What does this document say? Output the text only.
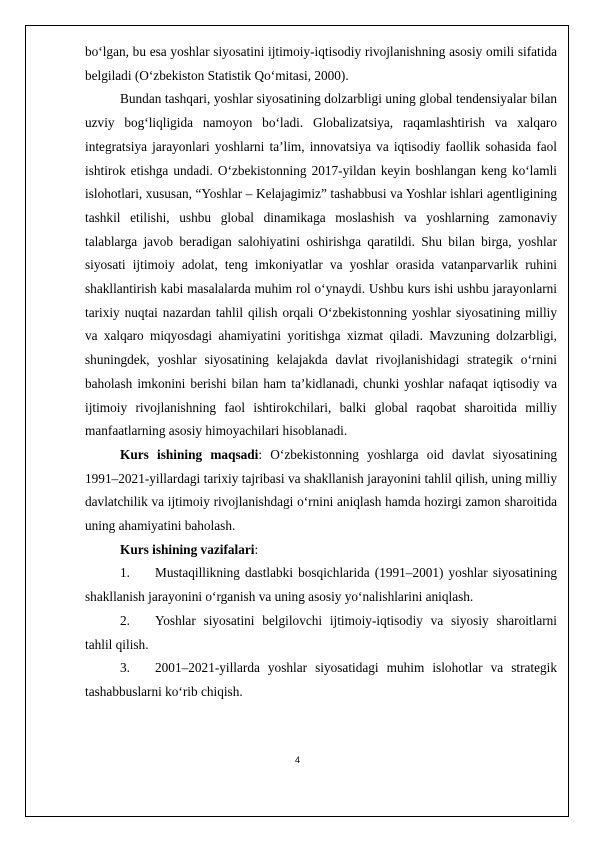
bo‘lgan, bu esa yoshlar siyosatini ijtimoiy-iqtisodiy rivojlanishning asosiy omili sifatida belgiladi (O‘zbekiston Statistik Qo‘mitasi, 2000).

Bundan tashqari, yoshlar siyosatining dolzarbligi uning global tendensiyalar bilan uzviy bog‘liqligida namoyon bo‘ladi. Globalizatsiya, raqamlashtirish va xalqaro integratsiya jarayonlari yoshlarni ta’lim, innovatsiya va iqtisodiy faollik sohasida faol ishtirok etishga undadi. O‘zbekistonning 2017-yildan keyin boshlangan keng ko‘lamli islohotlari, xususan, “Yoshlar – Kelajagimiz” tashabbusi va Yoshlar ishlari agentligining tashkil etilishi, ushbu global dinamikaga moslashish va yoshlarning zamonaviy talablarga javob beradigan salohiyatini oshirishga qaratildi. Shu bilan birga, yoshlar siyosati ijtimoiy adolat, teng imkoniyatlar va yoshlar orasida vatanparvarlik ruhini shakllantirish kabi masalalarda muhim rol o‘ynaydi. Ushbu kurs ishi ushbu jarayonlarni tarixiy nuqtai nazardan tahlil qilish orqali O‘zbekistonning yoshlar siyosatining milliy va xalqaro miqyosdagi ahamiyatini yoritishga xizmat qiladi. Mavzuning dolzarbligi, shuningdek, yoshlar siyosatining kelajakda davlat rivojlanishidagi strategik o‘rnini baholash imkonini berishi bilan ham ta’kidlanadi, chunki yoshlar nafaqat iqtisodiy va ijtimoiy rivojlanishning faol ishtirokchilari, balki global raqobat sharoitida milliy manfaatlarning asosiy himoyachilari hisoblanadi.

Kurs ishining maqsadi: O‘zbekistonning yoshlarga oid davlat siyosatining 1991–2021-yillardagi tarixiy tajribasi va shakllanish jarayonini tahlil qilish, uning milliy davlatchilik va ijtimoiy rivojlanishdagi o‘rnini aniqlash hamda hozirgi zamon sharoitida uning ahamiyatini baholash.

Kurs ishining vazifalari:

1. Mustaqillikning dastlabki bosqichlarida (1991–2001) yoshlar siyosatining shakllanish jarayonini o‘rganish va uning asosiy yo‘nalishlarini aniqlash.

2. Yoshlar siyosatini belgilovchi ijtimoiy-iqtisodiy va siyosiy sharoitlarni tahlil qilish.

3. 2001–2021-yillarda yoshlar siyosatidagi muhim islohotlar va strategik tashabbuslarni ko‘rib chiqish.

4
